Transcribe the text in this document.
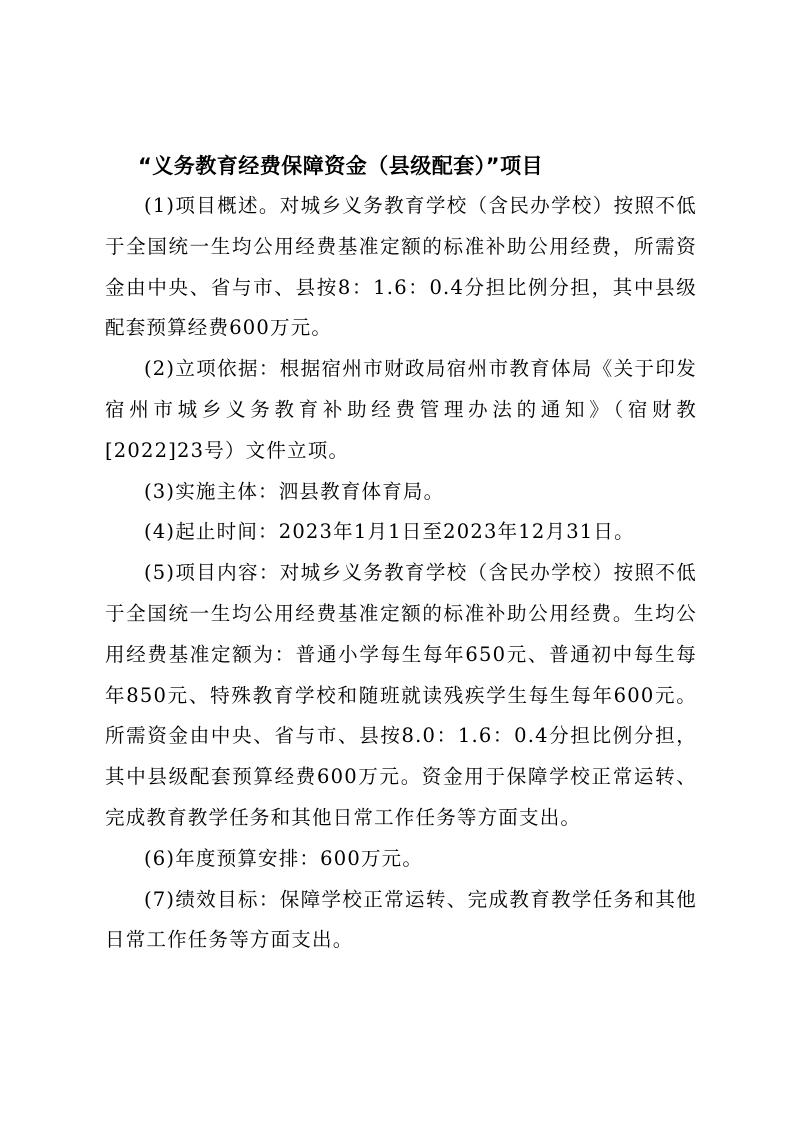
“义务教育经费保障资金（县级配套）”项目

(1)项目概述。对城乡义务教育学校（含民办学校）按照不低于全国统一生均公用经费基准定额的标准补助公用经费，所需资金由中央、省与市、县按8：1.6：0.4分担比例分担，其中县级配套预算经费600万元。

(2)立项依据：根据宿州市财政局宿州市教育体局《关于印发宿州市城乡义务教育补助经费管理办法的通知》（宿财教[2022]23号）文件立项。

(3)实施主体：泗县教育体育局。

(4)起止时间：2023年1月1日至2023年12月31日。

(5)项目内容：对城乡义务教育学校（含民办学校）按照不低于全国统一生均公用经费基准定额的标准补助公用经费。生均公用经费基准定额为：普通小学每生每年650元、普通初中每生每年850元、特殊教育学校和随班就读残疾学生每生每年600元。所需资金由中央、省与市、县按8.0：1.6：0.4分担比例分担，其中县级配套预算经费600万元。资金用于保障学校正常运转、完成教育教学任务和其他日常工作任务等方面支出。

(6)年度预算安排：600万元。

(7)绩效目标：保障学校正常运转、完成教育教学任务和其他日常工作任务等方面支出。
